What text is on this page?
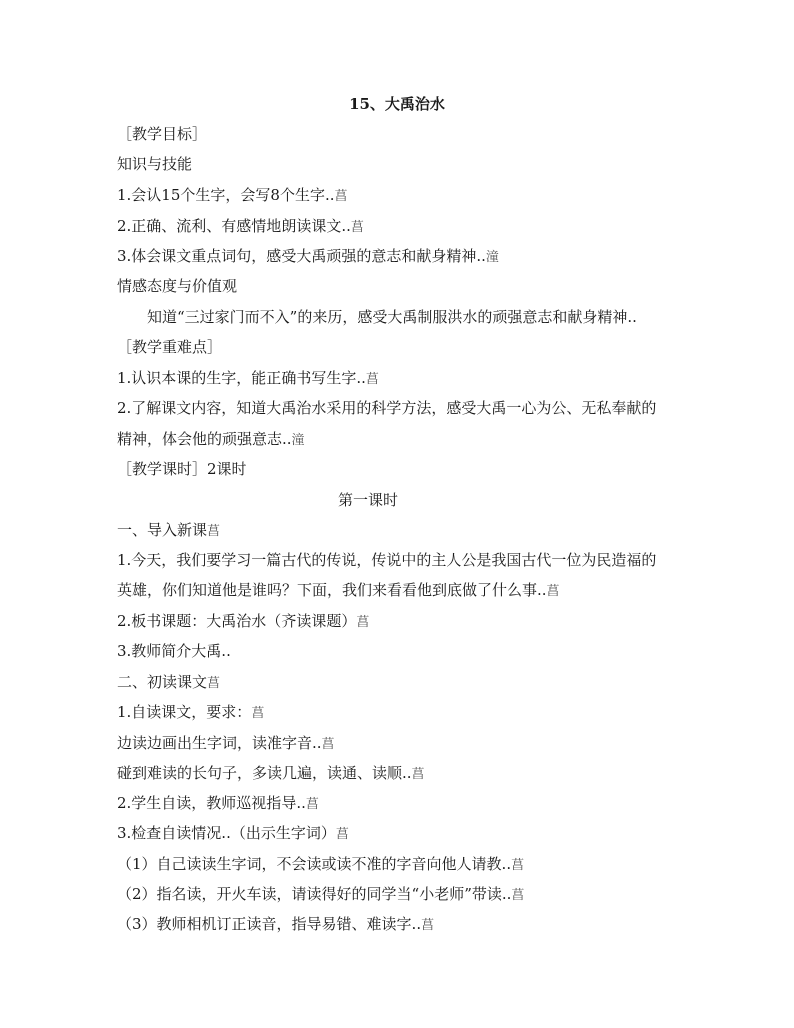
15、大禹治水
［教学目标］
知识与技能
1.会认15个生字，会写8个生字..菖
2.正确、流利、有感情地朗读课文..菖
3.体会课文重点词句，感受大禹顽强的意志和献身精神..潼
情感态度与价值观
知道“三过家门而不入”的来历，感受大禹制服洪水的顽强意志和献身精神..
［教学重难点］
1.认识本课的生字，能正确书写生字..菖
2.了解课文内容，知道大禹治水采用的科学方法，感受大禹一心为公、无私奉献的
精神，体会他的顽强意志..潼
［教学课时］2课时
第一课时
一、导入新课菖
1.今天，我们要学习一篇古代的传说，传说中的主人公是我国古代一位为民造福的
英雄，你们知道他是谁吗？下面，我们来看看他到底做了什么事..菖
2.板书课题：大禹治水（齐读课题）菖
3.教师简介大禹..
二、初读课文菖
1.自读课文，要求：菖
边读边画出生字词，读准字音..菖
碰到难读的长句子，多读几遍，读通、读顺..菖
2.学生自读，教师巡视指导..菖
3.检查自读情况..（出示生字词）菖
（1）自己读读生字词，不会读或读不准的字音向他人请教..菖
（2）指名读，开火车读，请读得好的同学当“小老师”带读..菖
（3）教师相机订正读音，指导易错、难读字..菖
